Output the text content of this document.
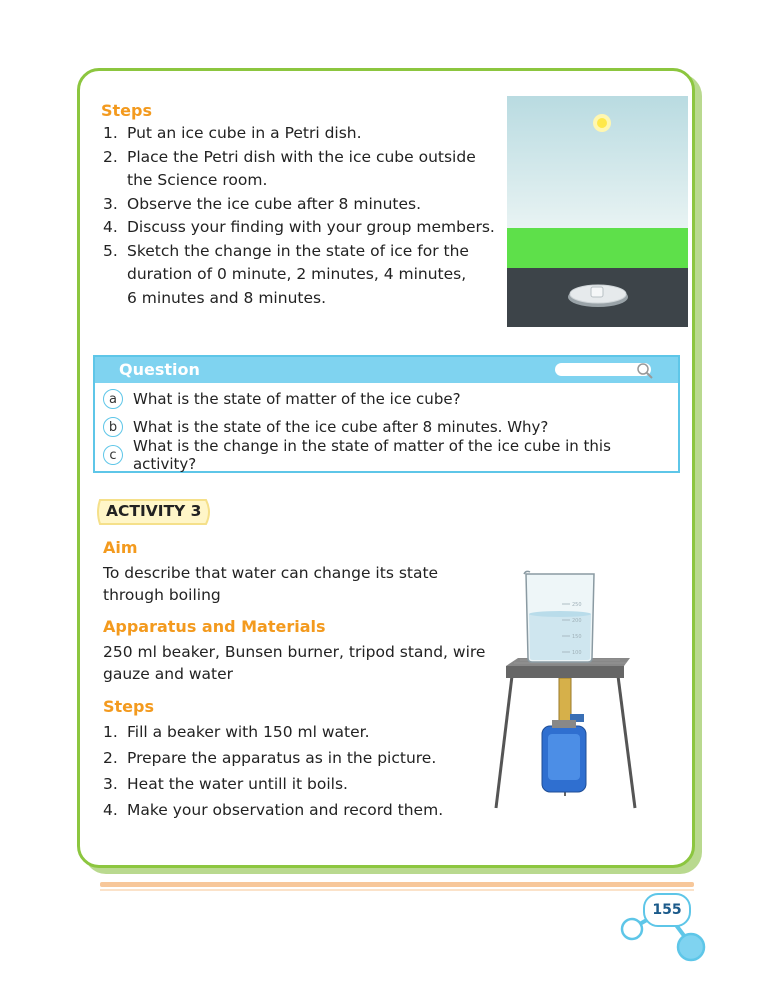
Steps
1. Put an ice cube in a Petri dish.
2. Place the Petri dish with the ice cube outside the Science room.
3. Observe the ice cube after 8 minutes.
4. Discuss your finding with your group members.
5. Sketch the change in the state of ice for the duration of 0 minute, 2 minutes, 4 minutes, 6 minutes and 8 minutes.
Question
a	What is the state of matter of the ice cube?
b	What is the state of the ice cube after 8 minutes. Why?
c	What is the change in the state of matter of the ice cube in this activity?
ACTIVITY 3
Aim
To describe that water can change its state through boiling
Apparatus and Materials
250 ml beaker, Bunsen burner, tripod stand, wire gauze and water
Steps
1. Fill a beaker with 150 ml water.
2. Prepare the apparatus as in the picture.
3. Heat the water untill it boils.
4. Make your observation and record them.
250
200
150
100
155
